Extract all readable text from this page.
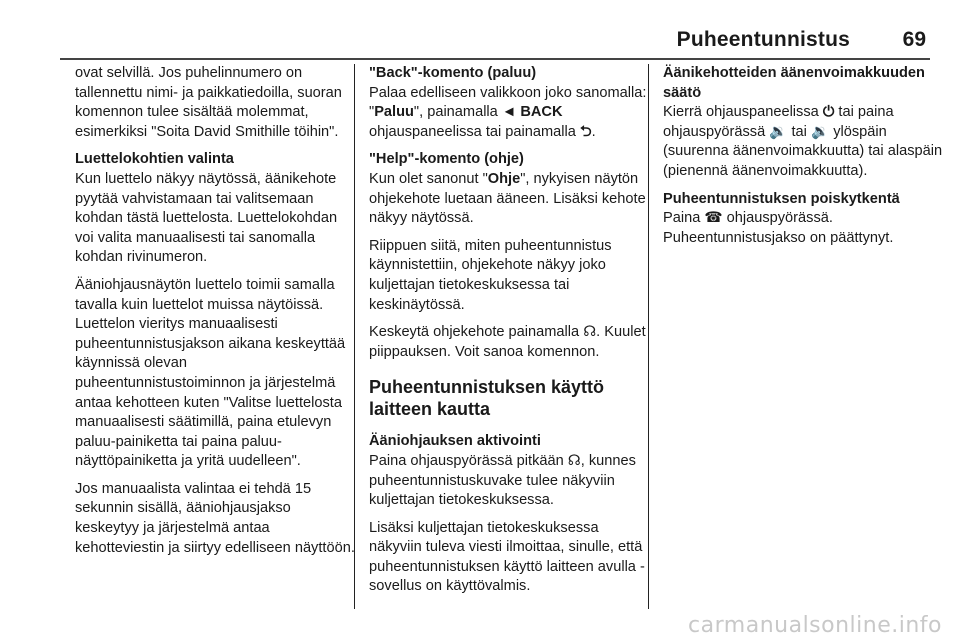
Puheentunnistus	69

ovat selvillä. Jos puhelinnumero on tallennettu nimi- ja paikkatiedoilla, suoran komennon tulee sisältää molemmat, esimerkiksi "Soita David Smithille töihin".

Luettelokohtien valinta

Kun luettelo näkyy näytössä, äänikehote pyytää vahvistamaan tai valitsemaan kohdan tästä luettelosta. Luettelokohdan voi valita manuaalisesti tai sanomalla kohdan rivinumeron.

Ääniohjausnäytön luettelo toimii samalla tavalla kuin luettelot muissa näytöissä. Luettelon vieritys manuaalisesti puheentunnistusjakson aikana keskeyttää käynnissä olevan puheentunnistustoiminnon ja järjestelmä antaa kehotteen kuten "Valitse luettelosta manuaalisesti säätimillä, paina etulevyn paluu-painiketta tai paina paluu-näyttöpainiketta ja yritä uudelleen".

Jos manuaalista valintaa ei tehdä 15 sekunnin sisällä, ääniohjausjakso keskeytyy ja järjestelmä antaa kehotteviestin ja siirtyy edelliseen näyttöön.

"Back"-komento (paluu)

Palaa edelliseen valikkoon joko sanomalla: "Paluu", painamalla ◄ BACK ohjauspaneelissa tai painamalla ⮌.

"Help"-komento (ohje)

Kun olet sanonut "Ohje", nykyisen näytön ohjekehote luetaan ääneen. Lisäksi kehote näkyy näytössä.

Riippuen siitä, miten puheentunnistus käynnistettiin, ohjekehote näkyy joko kuljettajan tietokeskuksessa tai keskinäytössä.

Keskeytä ohjekehote painamalla ☊. Kuulet piippauksen. Voit sanoa komennon.

Puheentunnistuksen käyttö laitteen kautta
Ääniohjauksen aktivointi

Paina ohjauspyörässä pitkään ☊, kunnes puheentunnistuskuvake tulee näkyviin kuljettajan tietokeskuksessa.

Lisäksi kuljettajan tietokeskuksessa näkyviin tuleva viesti ilmoittaa, sinulle, että puheentunnistuksen käyttö laitteen avulla -sovellus on käyttövalmis.

Äänikehotteiden äänenvoimakkuuden säätö

Kierrä ohjauspaneelissa ⏻ tai paina ohjauspyörässä 🔉 tai 🔉 ylöspäin (suurenna äänenvoimakkuutta) tai alaspäin (pienennä äänenvoimakkuutta).

Puheentunnistuksen poiskytkentä

Paina ☎ ohjauspyörässä. Puheentunnistusjakso on päättynyt.

carmanualsonline.info
